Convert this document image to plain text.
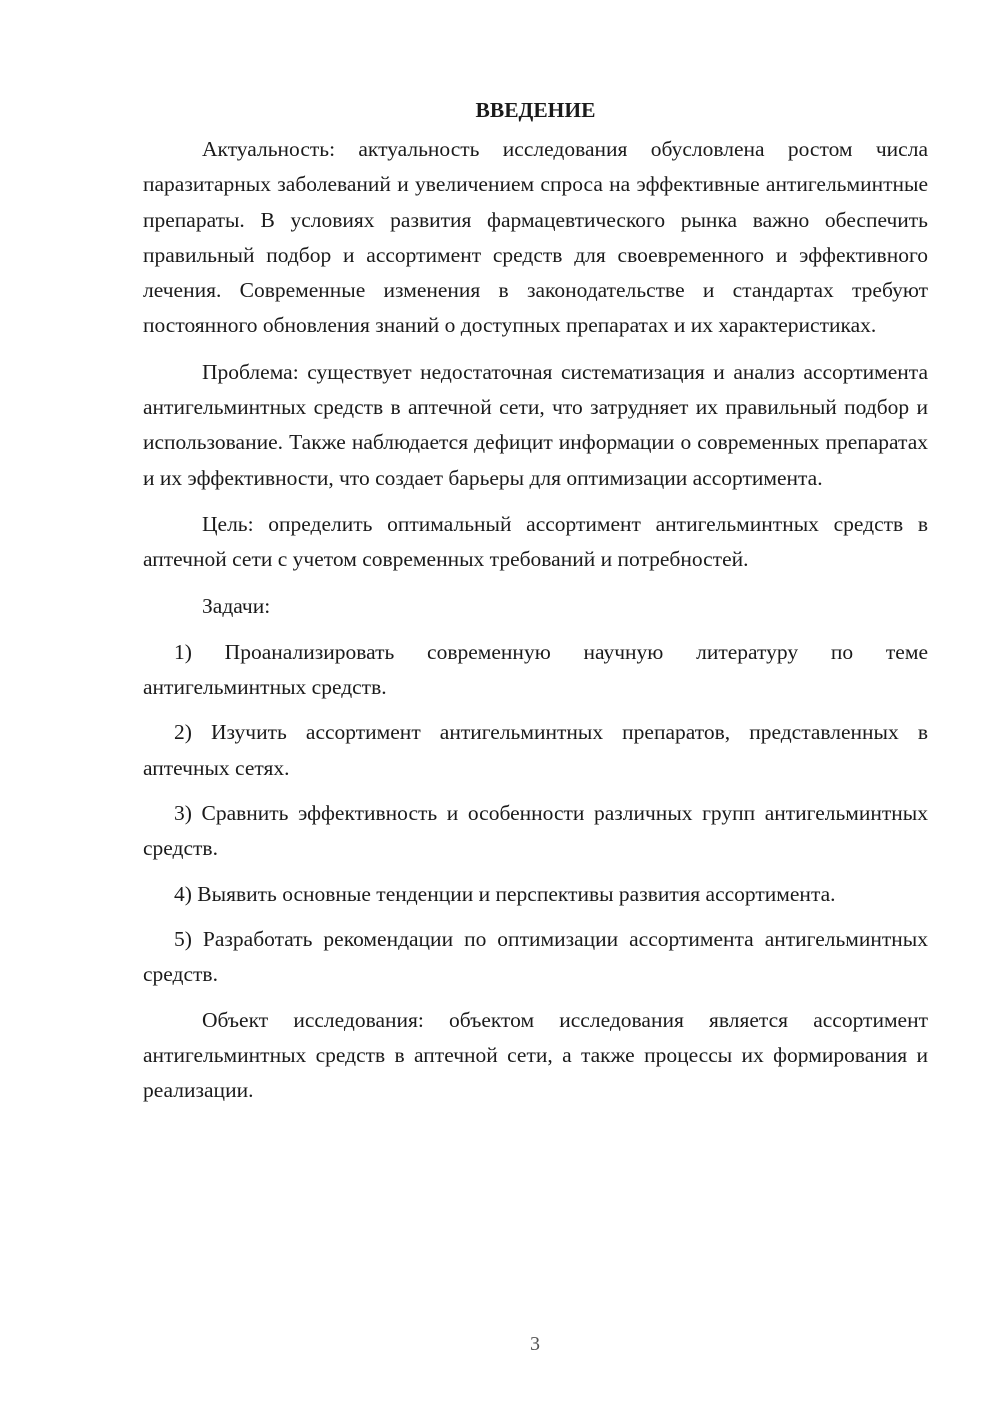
ВВЕДЕНИЕ

Актуальность: актуальность исследования обусловлена ростом числа паразитарных заболеваний и увеличением спроса на эффективные антигельминтные препараты. В условиях развития фармацевтического рынка важно обеспечить правильный подбор и ассортимент средств для своевременного и эффективного лечения. Современные изменения в законодательстве и стандартах требуют постоянного обновления знаний о доступных препаратах и их характеристиках.

Проблема: существует недостаточная систематизация и анализ ассортимента антигельминтных средств в аптечной сети, что затрудняет их правильный подбор и использование. Также наблюдается дефицит информации о современных препаратах и их эффективности, что создает барьеры для оптимизации ассортимента.

Цель: определить оптимальный ассортимент антигельминтных средств в аптечной сети с учетом современных требований и потребностей.

Задачи:

1) Проанализировать современную научную литературу по теме антигельминтных средств.

2) Изучить ассортимент антигельминтных препаратов, представленных в аптечных сетях.

3) Сравнить эффективность и особенности различных групп антигельминтных средств.

4) Выявить основные тенденции и перспективы развития ассортимента.

5) Разработать рекомендации по оптимизации ассортимента антигельминтных средств.

Объект исследования: объектом исследования является ассортимент антигельминтных средств в аптечной сети, а также процессы их формирования и реализации.

3
